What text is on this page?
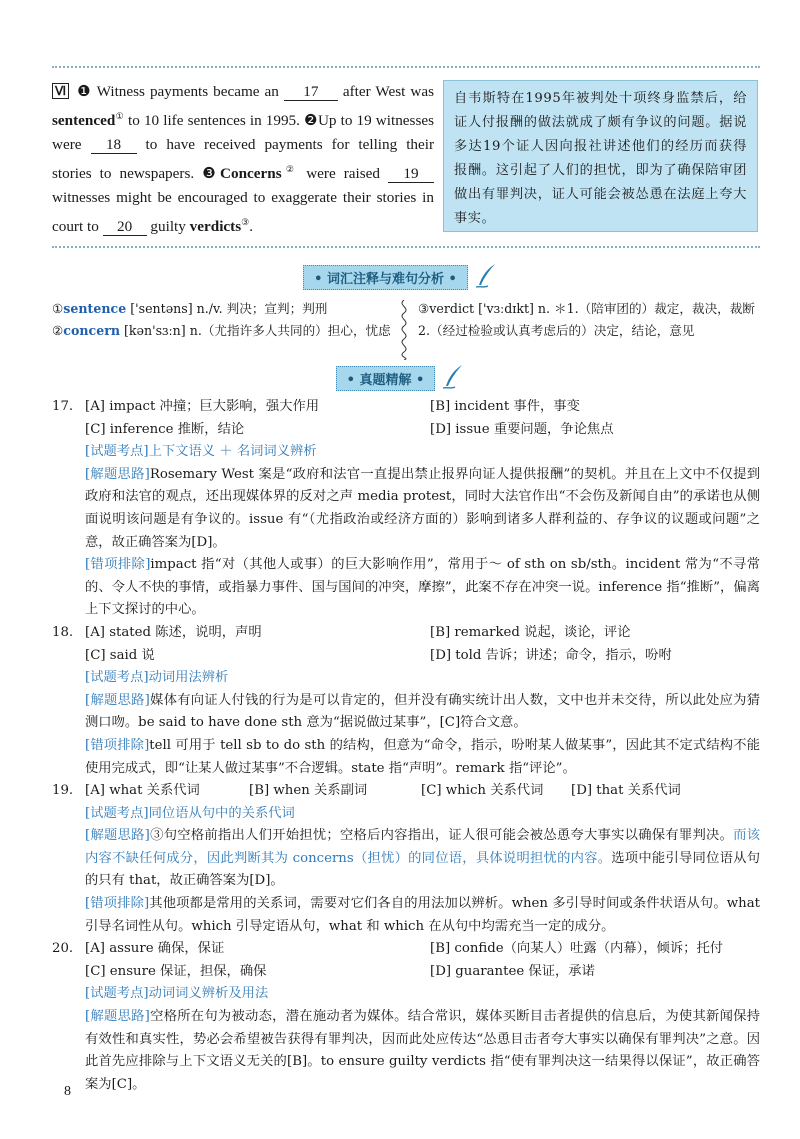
Ⅵ ❶ Witness payments became an 17 after West was sentenced① to 10 life sentences in 1995. ❷Up to 19 witnesses were 18 to have received payments for telling their stories to newspapers. ❸Concerns② were raised 19 witnesses might be encouraged to exaggerate their stories in court to 20 guilty verdicts③.
自韦斯特在1995年被判处十项终身监禁后，给证人付报酬的做法就成了颇有争议的问题。据说多达19个证人因向报社讲述他们的经历而获得报酬。这引起了人们的担忧，即为了确保陪审团做出有罪判决，证人可能会被怂恿在法庭上夸大事实。
• 词汇注释与难句分析 •
①sentence ['sentəns] n./v. 判决；宣判；判刑
②concern [kən'sɜːn] n.（尤指许多人共同的）担心，忧虑
③verdict ['vɜːdɪkt] n. ＊1.（陪审团的）裁定，裁决，裁断 2.（经过检验或认真考虑后的）决定，结论，意见
• 真题精解 •
17. [A] impact 冲撞；巨大影响，强大作用	[B] incident 事件，事变
[C] inference 推断，结论	[D] issue 重要问题，争论焦点
[试题考点]上下文语义 ＋ 名词词义辨析
[解题思路]Rosemary West 案是“政府和法官一直提出禁止报界向证人提供报酬”的契机。并且在上文中不仅提到政府和法官的观点，还出现媒体界的反对之声 media protest，同时大法官作出“不会伤及新闻自由”的承诺也从侧面说明该问题是有争议的。issue 有“（尤指政治或经济方面的）影响到诸多人群利益的、存争议的议题或问题”之意，故正确答案为[D]。
[错项排除]impact 指“对（其他人或事）的巨大影响作用”，常用于～ of sth on sb/sth。incident 常为“不寻常的、令人不快的事情，或指暴力事件、国与国间的冲突，摩擦”，此案不存在冲突一说。inference 指“推断”，偏离上下文探讨的中心。
18. [A] stated 陈述，说明，声明	[B] remarked 说起，谈论，评论
[C] said 说	[D] told 告诉；讲述；命令，指示，吩咐
[试题考点]动词用法辨析
[解题思路]媒体有向证人付钱的行为是可以肯定的，但并没有确实统计出人数，文中也并未交待，所以此处应为猜测口吻。be said to have done sth 意为“据说做过某事”，[C]符合文意。
[错项排除]tell 可用于 tell sb to do sth 的结构，但意为“命令，指示，吩咐某人做某事”，因此其不定式结构不能使用完成式，即“让某人做过某事”不合逻辑。state 指“声明”。remark 指“评论”。
19. [A] what 关系代词	[B] when 关系副词	[C] which 关系代词	[D] that 关系代词
[试题考点]同位语从句中的关系代词
[解题思路]③句空格前指出人们开始担忧；空格后内容指出，证人很可能会被怂恿夸大事实以确保有罪判决。而该内容不缺任何成分，因此判断其为 concerns（担忧）的同位语，具体说明担忧的内容。选项中能引导同位语从句的只有 that，故正确答案为[D]。
[错项排除]其他项都是常用的关系词，需要对它们各自的用法加以辨析。when 多引导时间或条件状语从句。what 引导名词性从句。which 引导定语从句，what 和 which 在从句中均需充当一定的成分。
20. [A] assure 确保，保证	[B] confide（向某人）吐露（内幕），倾诉；托付
[C] ensure 保证，担保，确保	[D] guarantee 保证，承诺
[试题考点]动词词义辨析及用法
[解题思路]空格所在句为被动态，潜在施动者为媒体。结合常识，媒体买断目击者提供的信息后，为使其新闻保持有效性和真实性，势必会希望被告获得有罪判决，因而此处应传达“怂恿目击者夸大事实以确保有罪判决”之意。因此首先应排除与上下文语义无关的[B]。to ensure guilty verdicts 指“使有罪判决这一结果得以保证”，故正确答案为[C]。
8
